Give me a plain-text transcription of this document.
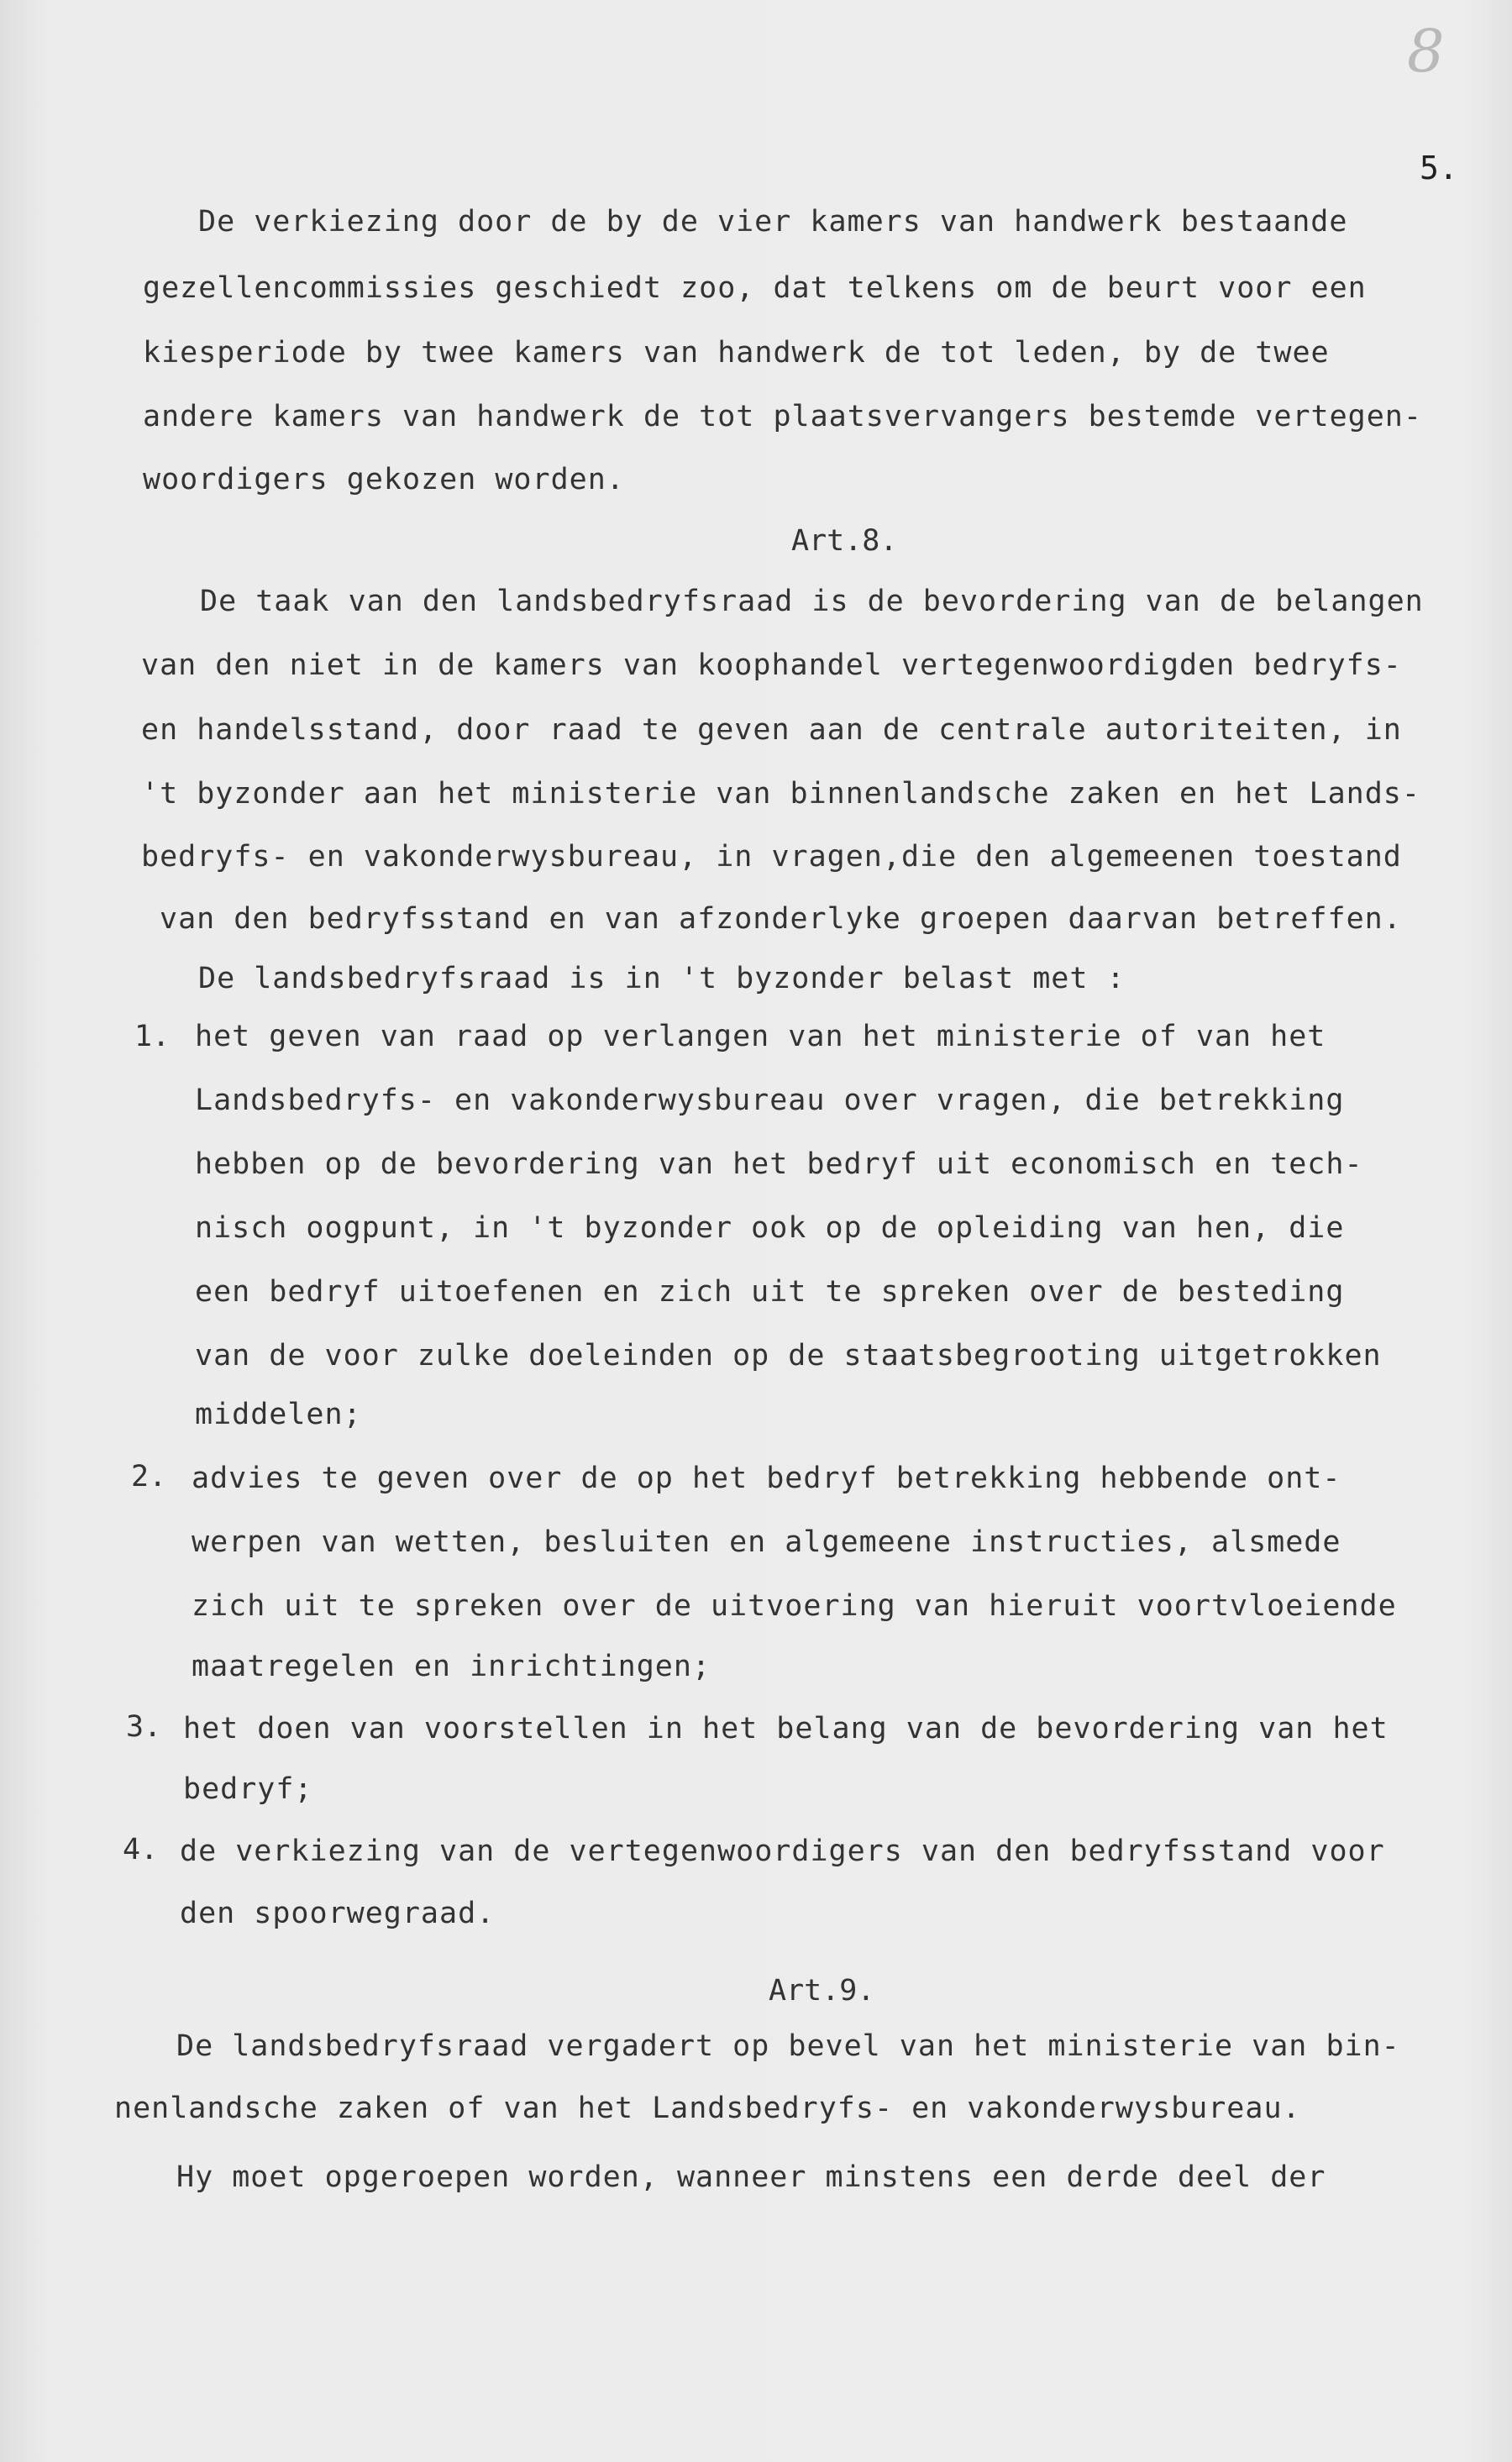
8
5.
De verkiezing door de by de vier kamers van handwerk bestaande
gezellencommissies geschiedt zoo, dat telkens om de beurt voor een
kiesperiode by twee kamers van handwerk de tot leden, by de twee
andere kamers van handwerk de tot plaatsvervangers bestemde vertegen-
woordigers gekozen worden.
Art.8.
De taak van den landsbedryfsraad is de bevordering van de belangen
van den niet in de kamers van koophandel vertegenwoordigden bedryfs-
en handelsstand, door raad te geven aan de centrale autoriteiten, in
't byzonder aan het ministerie van binnenlandsche zaken en het Lands-
bedryfs- en vakonderwysbureau, in vragen,die den algemeenen toestand
van den bedryfsstand en van afzonderlyke groepen daarvan betreffen.
De landsbedryfsraad is in 't byzonder belast met :
1. het geven van raad op verlangen van het ministerie of van het
Landsbedryfs- en vakonderwysbureau over vragen, die betrekking
hebben op de bevordering van het bedryf uit economisch en tech-
nisch oogpunt, in 't byzonder ook op de opleiding van hen, die
een bedryf uitoefenen en zich uit te spreken over de besteding
van de voor zulke doeleinden op de staatsbegrooting uitgetrokken
middelen;
2. advies te geven over de op het bedryf betrekking hebbende ont-
werpen van wetten, besluiten en algemeene instructies, alsmede
zich uit te spreken over de uitvoering van hieruit voortvloeiende
maatregelen en inrichtingen;
3. het doen van voorstellen in het belang van de bevordering van het
bedryf;
4. de verkiezing van de vertegenwoordigers van den bedryfsstand voor
den spoorwegraad.
Art.9.
De landsbedryfsraad vergadert op bevel van het ministerie van bin-
nenlandsche zaken of van het Landsbedryfs- en vakonderwysbureau.
Hy moet opgeroepen worden, wanneer minstens een derde deel der
